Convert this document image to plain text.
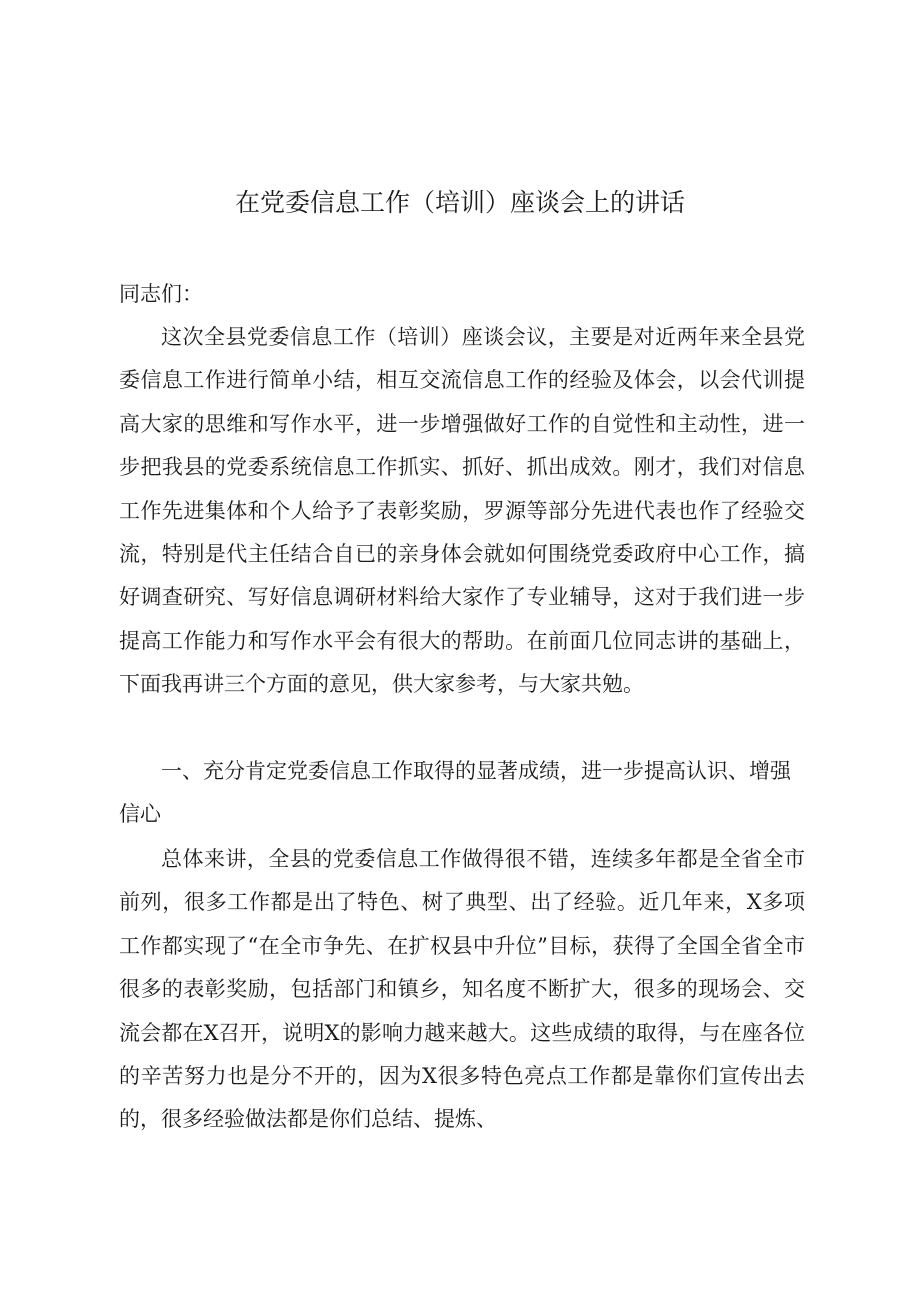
在党委信息工作（培训）座谈会上的讲话

同志们：

这次全县党委信息工作（培训）座谈会议，主要是对近两年来全县党委信息工作进行简单小结，相互交流信息工作的经验及体会，以会代训提高大家的思维和写作水平，进一步增强做好工作的自觉性和主动性，进一步把我县的党委系统信息工作抓实、抓好、抓出成效。刚才，我们对信息工作先进集体和个人给予了表彰奖励，罗源等部分先进代表也作了经验交流，特别是代主任结合自已的亲身体会就如何围绕党委政府中心工作，搞好调查研究、写好信息调研材料给大家作了专业辅导，这对于我们进一步提高工作能力和写作水平会有很大的帮助。在前面几位同志讲的基础上，下面我再讲三个方面的意见，供大家参考，与大家共勉。

一、充分肯定党委信息工作取得的显著成绩，进一步提高认识、增强信心

总体来讲，全县的党委信息工作做得很不错，连续多年都是全省全市前列，很多工作都是出了特色、树了典型、出了经验。近几年来，X多项工作都实现了“在全市争先、在扩权县中升位”目标，获得了全国全省全市很多的表彰奖励，包括部门和镇乡，知名度不断扩大，很多的现场会、交流会都在X召开，说明X的影响力越来越大。这些成绩的取得，与在座各位的辛苦努力也是分不开的，因为X很多特色亮点工作都是靠你们宣传出去的，很多经验做法都是你们总结、提炼、
